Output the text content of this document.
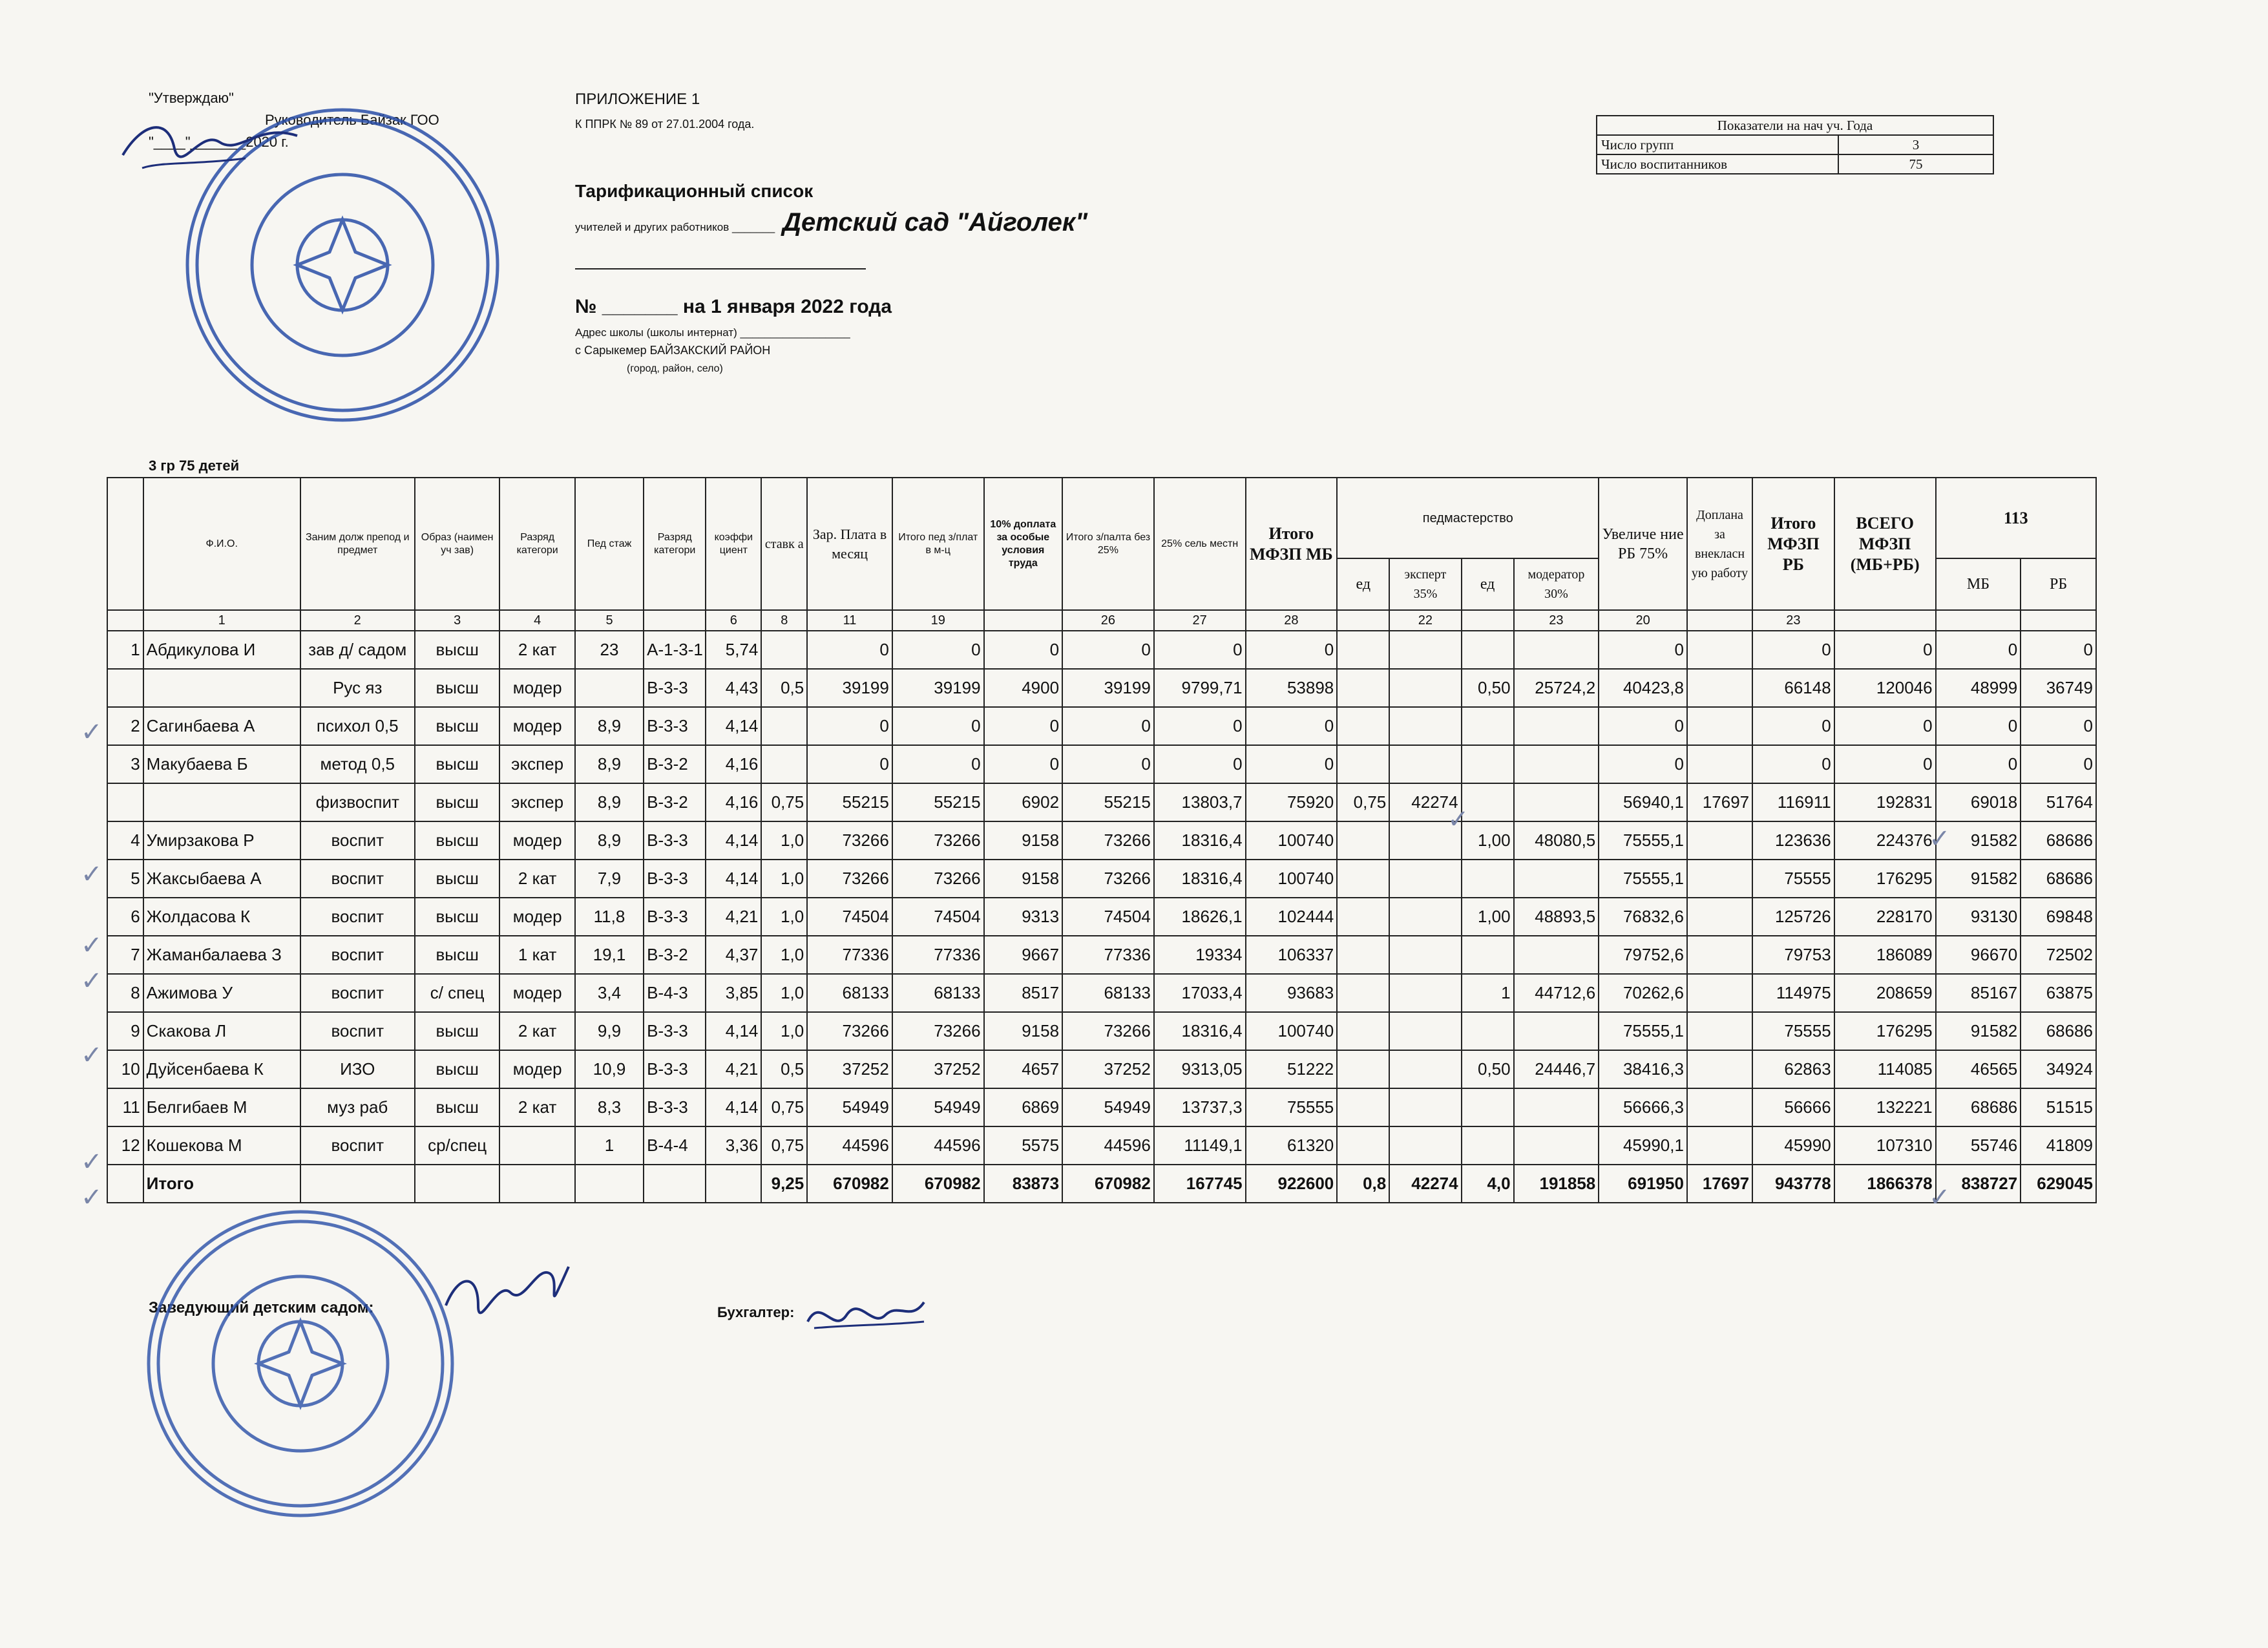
"Утверждаю"
Руководитель Байзак ГОО
"____"_______2020 г.
ПРИЛОЖЕНИЕ 1
К ППРК № 89 от 27.01.2004 года.
Тарификационный список
учителей и других работников _______ Детский сад "Айголек"
№ _______ на 1 января 2022 года
Адрес школы (школы интернат) __________________
с Сарыкемер БАЙЗАКСКИЙ РАЙОН
(город, район, село)
Показатели на нач уч. Года	
Число групп	3
Число воспитанников	75
3 гр 75 детей
	Ф.И.О.	Заним долж препод и предмет	Образ (наимен уч зав)	Разряд категори	Пед стаж	Разряд категори	коэффи циент	ставк а	Зар. Плата в месяц	Итого пед з/плат в м-ц	10% доплата за особые условия труда	Итого з/палта без 25%	25% сель местн	Итого МФЗП МБ	педмастерство				Увеличе ние РБ 75%	Доплана за внекласн ую работу	Итого МФЗП РБ	ВСЕГО МФЗП (МБ+РБ)	113	
															ед	эксперт 35%	ед	модератор 30%					МБ	РБ
	1	2	3	4	5		6	8	11	19		26	27	28		22		23	20		23			
1	Абдикулова И	зав д/ садом	высш	2 кат	23	А-1-3-1	5,74		0	0	0	0	0	0					0		0	0	0	0
		Рус яз	высш	модер		В-3-3	4,43	0,5	39199	39199	4900	39199	9799,71	53898			0,50	25724,2	40423,8		66148	120046	48999	36749
2	Сагинбаева А	психол 0,5	высш	модер	8,9	В-3-3	4,14		0	0	0	0	0	0					0		0	0	0	0
3	Макубаева Б	метод 0,5	высш	экспер	8,9	В-3-2	4,16		0	0	0	0	0	0					0		0	0	0	0
		физвоспит	высш	экспер	8,9	В-3-2	4,16	0,75	55215	55215	6902	55215	13803,7	75920	0,75	42274			56940,1	17697	116911	192831	69018	51764
4	Умирзакова Р	воспит	высш	модер	8,9	В-3-3	4,14	1,0	73266	73266	9158	73266	18316,4	100740			1,00	48080,5	75555,1		123636	224376	91582	68686
5	Жаксыбаева А	воспит	высш	2 кат	7,9	В-3-3	4,14	1,0	73266	73266	9158	73266	18316,4	100740					75555,1		75555	176295	91582	68686
6	Жолдасова К	воспит	высш	модер	11,8	В-3-3	4,21	1,0	74504	74504	9313	74504	18626,1	102444			1,00	48893,5	76832,6		125726	228170	93130	69848
7	Жаманбалаева З	воспит	высш	1 кат	19,1	В-3-2	4,37	1,0	77336	77336	9667	77336	19334	106337					79752,6		79753	186089	96670	72502
8	Ажимова У	воспит	с/ спец	модер	3,4	В-4-3	3,85	1,0	68133	68133	8517	68133	17033,4	93683			1	44712,6	70262,6		114975	208659	85167	63875
9	Скакова Л	воспит	высш	2 кат	9,9	В-3-3	4,14	1,0	73266	73266	9158	73266	18316,4	100740					75555,1		75555	176295	91582	68686
10	Дуйсенбаева К	ИЗО	высш	модер	10,9	В-3-3	4,21	0,5	37252	37252	4657	37252	9313,05	51222			0,50	24446,7	38416,3		62863	114085	46565	34924
11	Белгибаев М	муз раб	высш	2 кат	8,3	В-3-3	4,14	0,75	54949	54949	6869	54949	13737,3	75555					56666,3		56666	132221	68686	51515
12	Кошекова М	воспит	ср/спец		1	В-4-4	3,36	0,75	44596	44596	5575	44596	11149,1	61320					45990,1		45990	107310	55746	41809
	Итого							9,25	670982	670982	83873	670982	167745	922600	0,8	42274	4,0	191858	691950	17697	943778	1866378	838727	629045
✓
✓
✓
✓
✓
✓
✓
✓
✓
✓
Заведующий детским садом:	Бухгалтер:
